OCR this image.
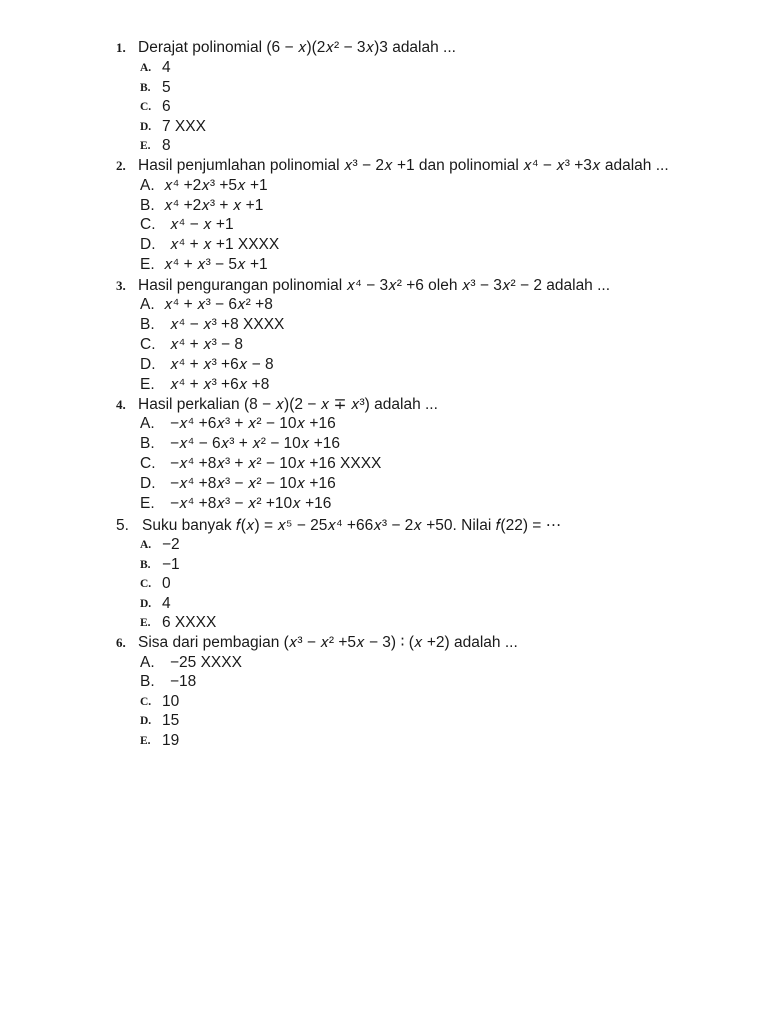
1. Derajat polinomial (6 − 𝑥)(2𝑥² − 3𝑥)3 adalah ...
A. 4
B. 5
C. 6
D. 7 XXX
E. 8
2. Hasil penjumlahan polinomial 𝑥³ − 2𝑥 +1 dan polinomial 𝑥⁴ − 𝑥³ +3𝑥 adalah ...
A. 𝑥⁴ +2𝑥³ +5𝑥 +1
B. 𝑥⁴ +2𝑥³ + 𝑥 +1
C. 𝑥⁴ − 𝑥 +1
D. 𝑥⁴ + 𝑥 +1 XXXX
E. 𝑥⁴ + 𝑥³ − 5𝑥 +1
3. Hasil pengurangan polinomial 𝑥⁴ − 3𝑥² +6 oleh 𝑥³ − 3𝑥² − 2 adalah ...
A. 𝑥⁴ + 𝑥³ − 6𝑥² +8
B. 𝑥⁴ − 𝑥³ +8 XXXX
C. 𝑥⁴ + 𝑥³ − 8
D. 𝑥⁴ + 𝑥³ +6𝑥 − 8
E. 𝑥⁴ + 𝑥³ +6𝑥 +8
4. Hasil perkalian (8 − 𝑥)(2 − 𝑥 ∓ 𝑥³) adalah ...
A. −𝑥⁴ +6𝑥³ + 𝑥² − 10𝑥 +16
B. −𝑥⁴ − 6𝑥³ + 𝑥² − 10𝑥 +16
C. −𝑥⁴ +8𝑥³ + 𝑥² − 10𝑥 +16 XXXX
D. −𝑥⁴ +8𝑥³ − 𝑥² − 10𝑥 +16
E. −𝑥⁴ +8𝑥³ − 𝑥² +10𝑥 +16
5. Suku banyak 𝑓(𝑥) = 𝑥⁵ − 25𝑥⁴ +66𝑥³ − 2𝑥 +50. Nilai 𝑓(22) = ⋯
A. −2
B. −1
C. 0
D. 4
E. 6 XXXX
6. Sisa dari pembagian (𝑥³ − 𝑥² +5𝑥 − 3) ∶ (𝑥 +2) adalah ...
A. −25 XXXX
B. −18
C. 10
D. 15
E. 19
